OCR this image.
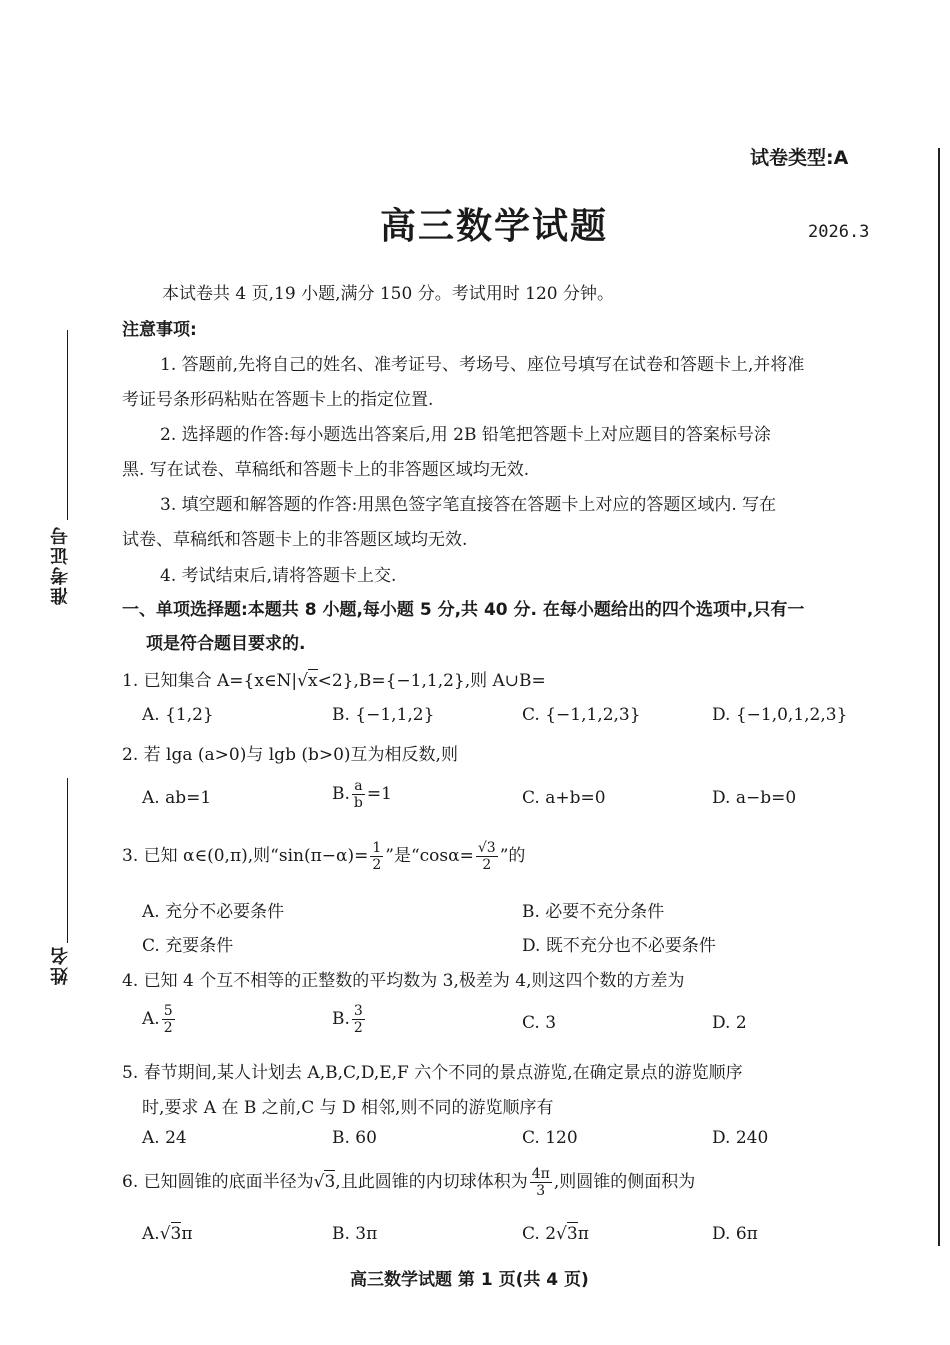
试卷类型:A
高三数学试题	2026.3
准考证号
姓名
本试卷共 4 页,19 小题,满分 150 分。考试用时 120 分钟。
注意事项:
1. 答题前,先将自己的姓名、准考证号、考场号、座位号填写在试卷和答题卡上,并将准
考证号条形码粘贴在答题卡上的指定位置.
2. 选择题的作答:每小题选出答案后,用 2B 铅笔把答题卡上对应题目的答案标号涂
黑. 写在试卷、草稿纸和答题卡上的非答题区域均无效.
3. 填空题和解答题的作答:用黑色签字笔直接答在答题卡上对应的答题区域内. 写在
试卷、草稿纸和答题卡上的非答题区域均无效.
4. 考试结束后,请将答题卡上交.
一、单项选择题:本题共 8 小题,每小题 5 分,共 40 分. 在每小题给出的四个选项中,只有一
项是符合题目要求的.
1. 已知集合 A={x∈N|√x<2},B={−1,1,2},则 A∪B=
A. {1,2}	B. {−1,1,2}	C. {−1,1,2,3}	D. {−1,0,1,2,3}
2. 若 lga (a>0)与 lgb (b>0)互为相反数,则
A. ab=1	B. $\frac{a}{b} =1$	C. a+b=0	D. a−b=0
3. 已知 α∈(0,π),则“$\sin(\pi-\alpha)= \frac{1}{2}$ ”是“$\cos\alpha= \frac{√3}{2}$ ”的
A. 充分不必要条件	B. 必要不充分条件
C. 充要条件	D. 既不充分也不必要条件
4. 已知 4 个互不相等的正整数的平均数为 3,极差为 4,则这四个数的方差为
A. $\frac{5}{2}$	B. $\frac{3}{2}$	C. 3	D. 2
5. 春节期间,某人计划去 A,B,C,D,E,F 六个不同的景点游览,在确定景点的游览顺序
时,要求 A 在 B 之前,C 与 D 相邻,则不同的游览顺序有
A. 24	B. 60	C. 120	D. 240
6. 已知圆锥的底面半径为√3,且此圆锥的内切球体积为 $\frac{4\pi}{3}$ ,则圆锥的侧面积为
A.√3π	B. 3π	C. 2√3π	D. 6π
高三数学试题 第 1 页(共 4 页)
